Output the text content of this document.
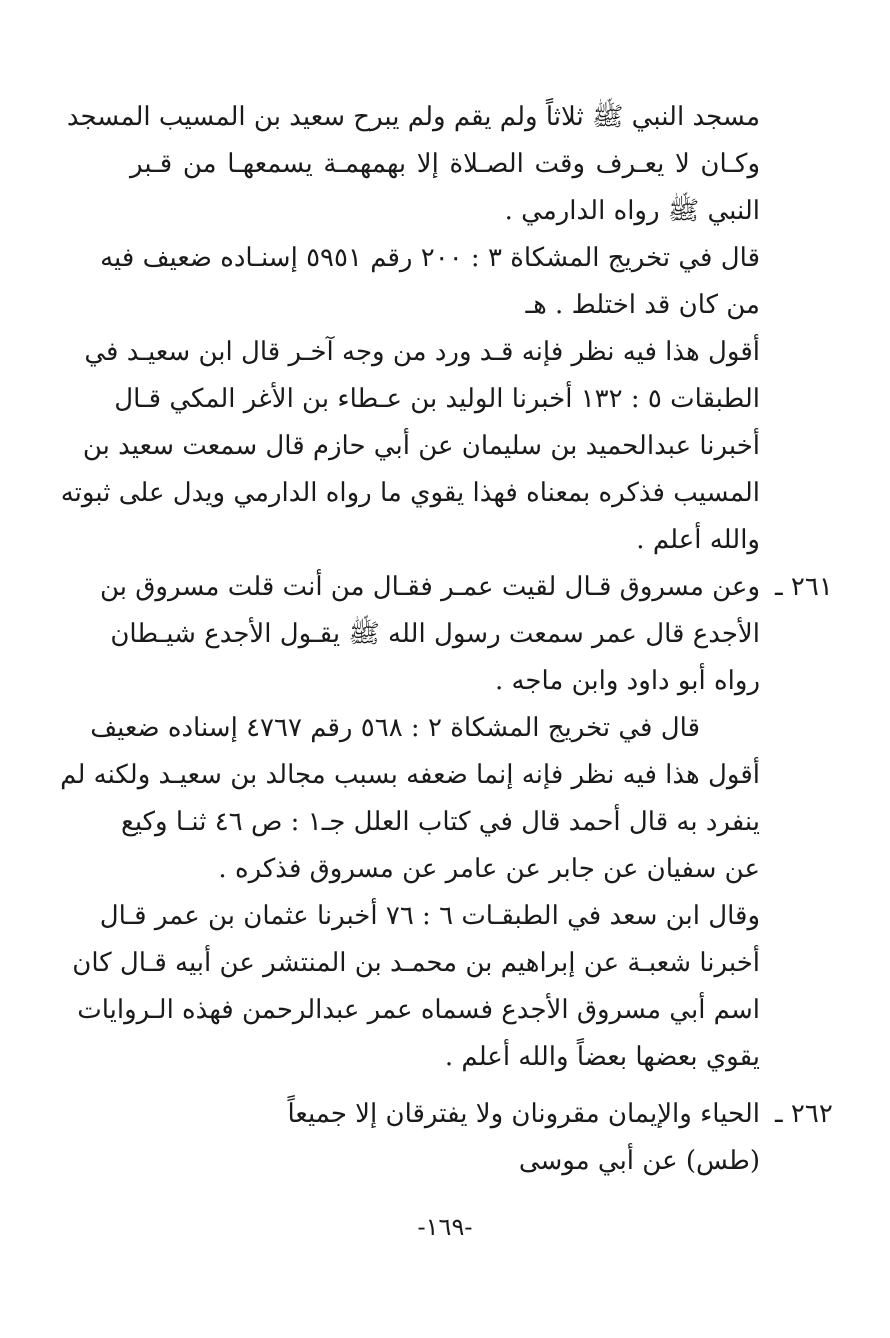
مسجد النبي ﷺ ثلاثاً ولم يقم ولم يبرح سعيد بن المسيب المسجد
وكـان لا يعـرف وقت الصـلاة إلا بهمهمـة يسمعهـا من قـبر
النبي ﷺ رواه الدارمي .
قال في تخريج المشكاة ٣ : ٢٠٠ رقم ٥٩٥١ إسنـاده ضعيف فيه
من كان قد اختلط . هـ
أقول هذا فيه نظر فإنه قـد ورد من وجه آخـر قال ابن سعيـد في
الطبقات ٥ : ١٣٢ أخبرنا الوليد بن عـطاء بن الأغر المكي قـال
أخبرنا عبدالحميد بن سليمان عن أبي حازم قال سمعت سعيد بن
المسيب فذكره بمعناه فهذا يقوي ما رواه الدارمي ويدل على ثبوته
والله أعلم .
وعن مسروق قـال لقيت عمـر فقـال من أنت قلت مسروق بن
الأجدع قال عمر سمعت رسول الله ﷺ يقـول الأجدع شيـطان
رواه أبو داود وابن ماجه .
قال في تخريج المشكاة ٢ : ٥٦٨ رقم ٤٧٦٧ إسناده ضعيف
أقول هذا فيه نظر فإنه إنما ضعفه بسبب مجالد بن سعيـد ولكنه لم
ينفرد به قال أحمد قال في كتاب العلل جـ١ : ص ٤٦ ثنـا وكيع
عن سفيان عن جابر عن عامر عن مسروق فذكره .
وقال ابن سعد في الطبقـات ٦ : ٧٦ أخبرنا عثمان بن عمر قـال
أخبرنا شعبـة عن إبراهيم بن محمـد بن المنتشر عن أبيه قـال كان
اسم أبي مسروق الأجدع فسماه عمر عبدالرحمن فهذه الـروايات
يقوي بعضها بعضاً والله أعلم .
الحياء والإيمان مقرونان ولا يفترقان إلا جميعاً
(طس) عن أبي موسى
٢٦١ ـ
٢٦٢ ـ
-١٦٩-
